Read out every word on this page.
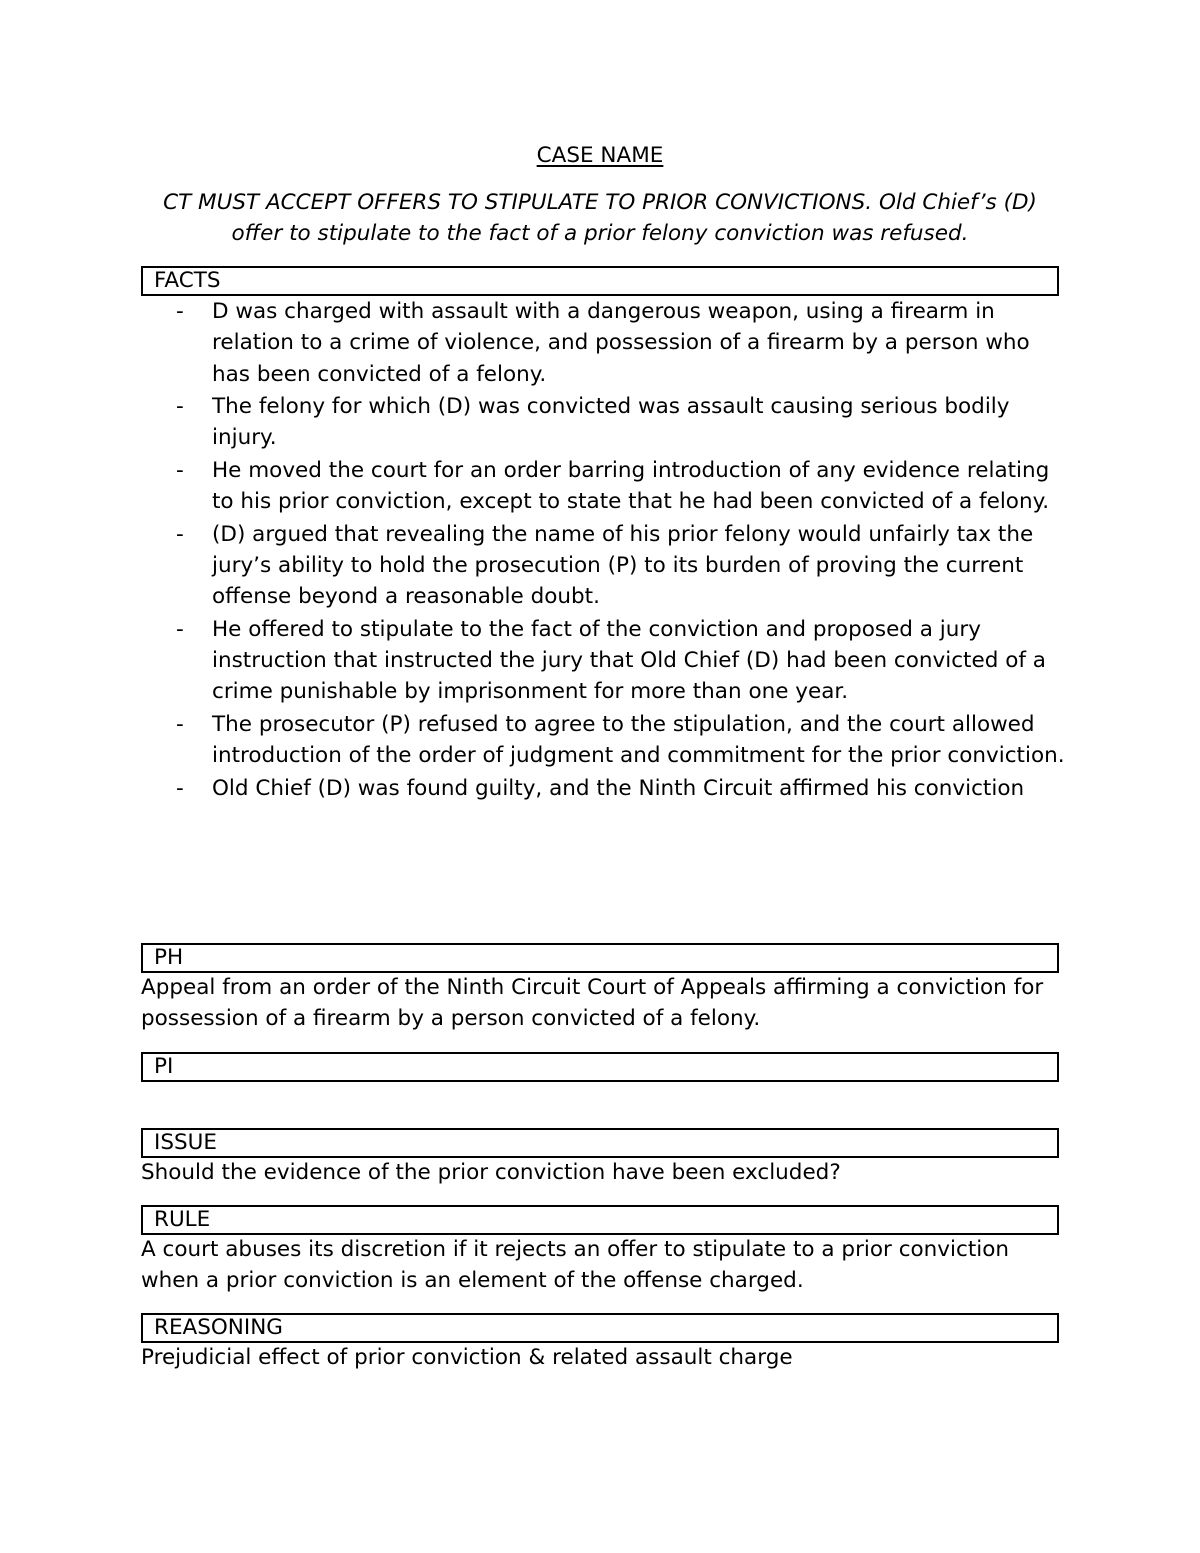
CASE NAME
CT MUST ACCEPT OFFERS TO STIPULATE TO PRIOR CONVICTIONS. Old Chief’s (D) offer to stipulate to the fact of a prior felony conviction was refused.
FACTS
- D was charged with assault with a dangerous weapon, using a firearm in relation to a crime of violence, and possession of a firearm by a person who has been convicted of a felony.
- The felony for which (D) was convicted was assault causing serious bodily injury.
- He moved the court for an order barring introduction of any evidence relating to his prior conviction, except to state that he had been convicted of a felony.
- (D) argued that revealing the name of his prior felony would unfairly tax the jury’s ability to hold the prosecution (P) to its burden of proving the current offense beyond a reasonable doubt.
- He offered to stipulate to the fact of the conviction and proposed a jury instruction that instructed the jury that Old Chief (D) had been convicted of a crime punishable by imprisonment for more than one year.
- The prosecutor (P) refused to agree to the stipulation, and the court allowed introduction of the order of judgment and commitment for the prior conviction.
- Old Chief (D) was found guilty, and the Ninth Circuit affirmed his conviction
PH
Appeal from an order of the Ninth Circuit Court of Appeals affirming a conviction for possession of a firearm by a person convicted of a felony.
PI
ISSUE
Should the evidence of the prior conviction have been excluded?
RULE
A court abuses its discretion if it rejects an offer to stipulate to a prior conviction when a prior conviction is an element of the offense charged.
REASONING
Prejudicial effect of prior conviction & related assault charge
